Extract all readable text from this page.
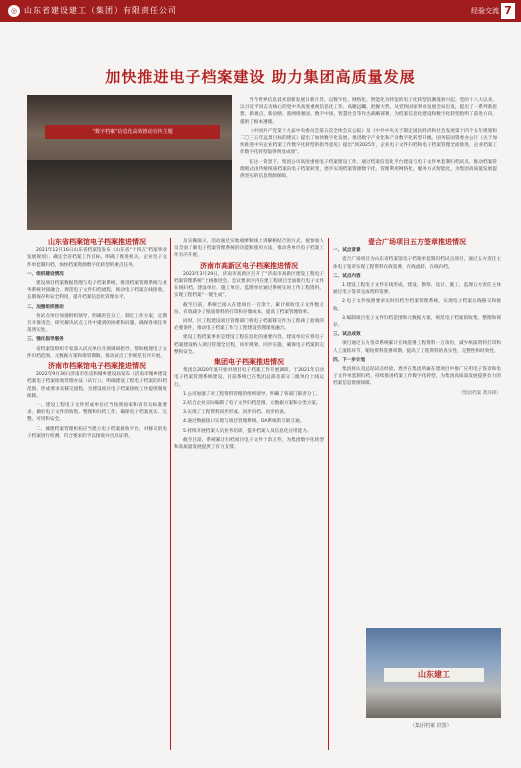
◎ 山东省建设建工（集团）有限责任公司	经验交流 7
加快推进电子档案建设 助力集团高质量发展
“数字档案”信息化高效推动宣传主题

当今世界信息技术创新发展日新月异，以数字化、网络化、智能化为特征的电子化转型浪潮蓬勃兴起。党的十八大以来，以习近平同志为核心的党中央高度重视信息化工作，高瞻远瞩、把握大势，从党和国家事业发展全局出发，提出了一系列新思想、新观点、新论断，就网络强国、数字中国、智慧社会等作出战略部署，为档案信息化建设和数字化转型指明了前进方向，提供了根本遵循。

《中国共产党第十九届中央委员会第五次全体会议公报》及《中共中央关于制定国民经济和社会发展第十四个五年规划和二〇三五年远景目标的建议》提出了加快数字化发展，推进数字产业化和产业数字化转型升级。国务院国资委办公厅《关于加快推进中央企业档案工作数字化转型的指导意见》提出“到2025年，企业电子文件归档和电子档案管理全面推进，企业档案工作数字化转型取得明显成效”。

在这一背景下，集团公司高度重视电子档案建设工作。通过档案信息化平台建设与电子文件单套制归档试点，推动档案管理模式由传统纸质档案向电子档案转变，逐步实现档案资源数字化、管理利用网络化、服务方式智能化，为集团高质量发展提供坚实的信息资源保障。

山东省档案馆电子档案推进情况

2021年12月16日山东省档案馆发布《山东省“十四五”档案事业发展规划》，确定全省档案工作目标。明确了推进机关、企业电子文件单套制归档，加快档案资源数字化转型的重点任务。

一、组织建设情况

建设项目档案数据管理与电子档案系统，推进档案管理系统与业务系统对接融合，规范电子文件归档流程，推动电子档案在线接收、长期保存和安全利用，提升档案信息化管理水平。

二、加强组织推动

各试点单位加强组织领导，明确责任分工，制定工作方案，定期召开推进会，研究解决试点工作中遇到的困难和问题，确保各项任务落到实处。

三、强化指导服务

省档案馆组织专家深入试点单位开展调研指导，帮助梳理电子文件归档范围、元数据方案和保管期限，推动试点工作规范有序开展。

济南市档案馆电子档案推进情况

2022年9月30日济南市住房和城乡建设局发布《济南市城乡建设档案电子档案接收管理办法（试行）》，明确建设工程电子档案的归档范围、形成要求及移交流程，为建设项目电子档案接收工作提供制度保障。

一、建设工程电子文件形成单位应当按照国家和省有关标准要求，做好电子文件的收集、整理和归档工作，确保电子档案真实、完整、可用和安全。

二、城建档案管理机构应当建立电子档案接收平台，对移交的电子档案进行检测，符合要求的予以接收并出具证明。

及实操演示，活动通过实地观摩和线上讲解相结合的方式，使参加人员全面了解电子档案管理系统的功能和使用方法，推动各单位电子档案工作有序开展。

济南市高新区电子档案推进情况

2023年3月29日，济南市高新区召开了“济南市高新区建设工程电子档案管理系统”上线推进会。会议要求区内在建工程项目全面推行电子文件在线归档，建设单位、施工单位、监理单位通过系统实时上传工程资料，实现工程档案“一键生成”。

截至目前，系统已接入在建项目一百余个，累计接收电子文件数万份，有效减少了纸质资料的打印和存储成本，提高了档案管理效率。

同时，区工程建设项目管理部门将电子档案移交作为工程竣工验收的必要条件，推动电子档案工作与工程建设管理深度融合。

建设工程档案事业是建设工程信息化的重要内容，建设单位应将电子档案建设纳入项目管理全过程，同步规划、同步实施，确保电子档案的完整和安全。

集团电子档案推进情况

集团自2020年底开始对项目电子档案工作开展调研，于2021年启动电子档案管理系统建设，目前系统已在集团总部及部分二级单位上线运行。

1.公司加强了对工程资料管理的组织领导，明确了各部门职责分工。

2.结合企业实际编制了电子文件归档范围、元数据方案和分类方案。

3.实现了工程资料同步形成、同步归档、同步检查。

4.通过数据接口实现与项目管理系统、OA系统的互联互通。

5.持续开展档案人员业务培训，提升档案人员信息化应用能力。

截至目前，系统累计归档项目电子文件十余万件，为集团数字化转型和高质量发展提供了有力支撑。

壹合广场项目五方签章推进情况

一、试点背景

壹合广场项目为山东省档案馆电子档案单套制归档试点项目，通过五方责任主体电子签章实现工程资料在线签署、在线流转、在线归档。

二、试点内容

1.建设工程电子文件在线形成，建设、勘察、设计、施工、监理五方责任主体通过电子签章完成资料签署。

2.电子文件按照要求实时归档至档案管理系统，实现电子档案在线移交和接收。

3.编制项目电子文件归档范围和元数据方案，规范电子档案的收集、整理和保存。

三、试点成效

项目通过五方签章系统累计在线签署工程资料一万余份，减少纸质资料打印和人工流转环节，缩短资料签署周期，提高了工程资料的真实性、完整性和时效性。

四、下一步计划

集团将认真总结试点经验，逐步在集团所属在建项目中推广应用电子签章和电子文件单套制归档，持续推进档案工作数字化转型，为集团高质量发展提供有力的档案信息资源保障。

（集团档案 黄泽锋）

山东建工
（集团档案 供图）
